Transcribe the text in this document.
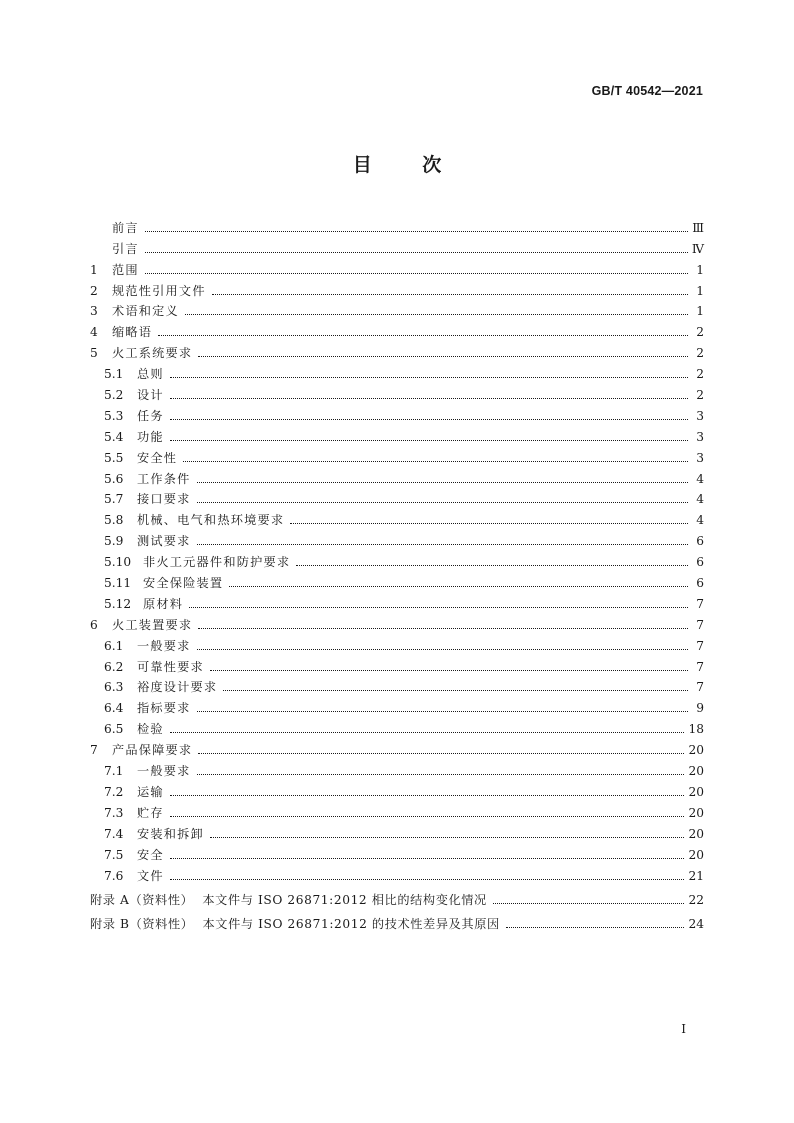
GB/T 40542—2021
目 次
前言	Ⅲ
引言	Ⅳ
1	范围	1
2	规范性引用文件	1
3	术语和定义	1
4	缩略语	2
5	火工系统要求	2
5.1	总则	2
5.2	设计	2
5.3	任务	3
5.4	功能	3
5.5	安全性	3
5.6	工作条件	4
5.7	接口要求	4
5.8	机械、电气和热环境要求	4
5.9	测试要求	6
5.10 非火工元器件和防护要求	6
5.11 安全保险装置	6
5.12 原材料	7
6	火工装置要求	7
6.1	一般要求	7
6.2	可靠性要求	7
6.3	裕度设计要求	7
6.4	指标要求	9
6.5	检验	18
7	产品保障要求	20
7.1	一般要求	20
7.2	运输	20
7.3	贮存	20
7.4	安装和拆卸	20
7.5	安全	20
7.6	文件	21
附录 A（资料性）  本文件与 ISO 26871:2012 相比的结构变化情况	22
附录 B（资料性）  本文件与 ISO 26871:2012 的技术性差异及其原因	24
I
